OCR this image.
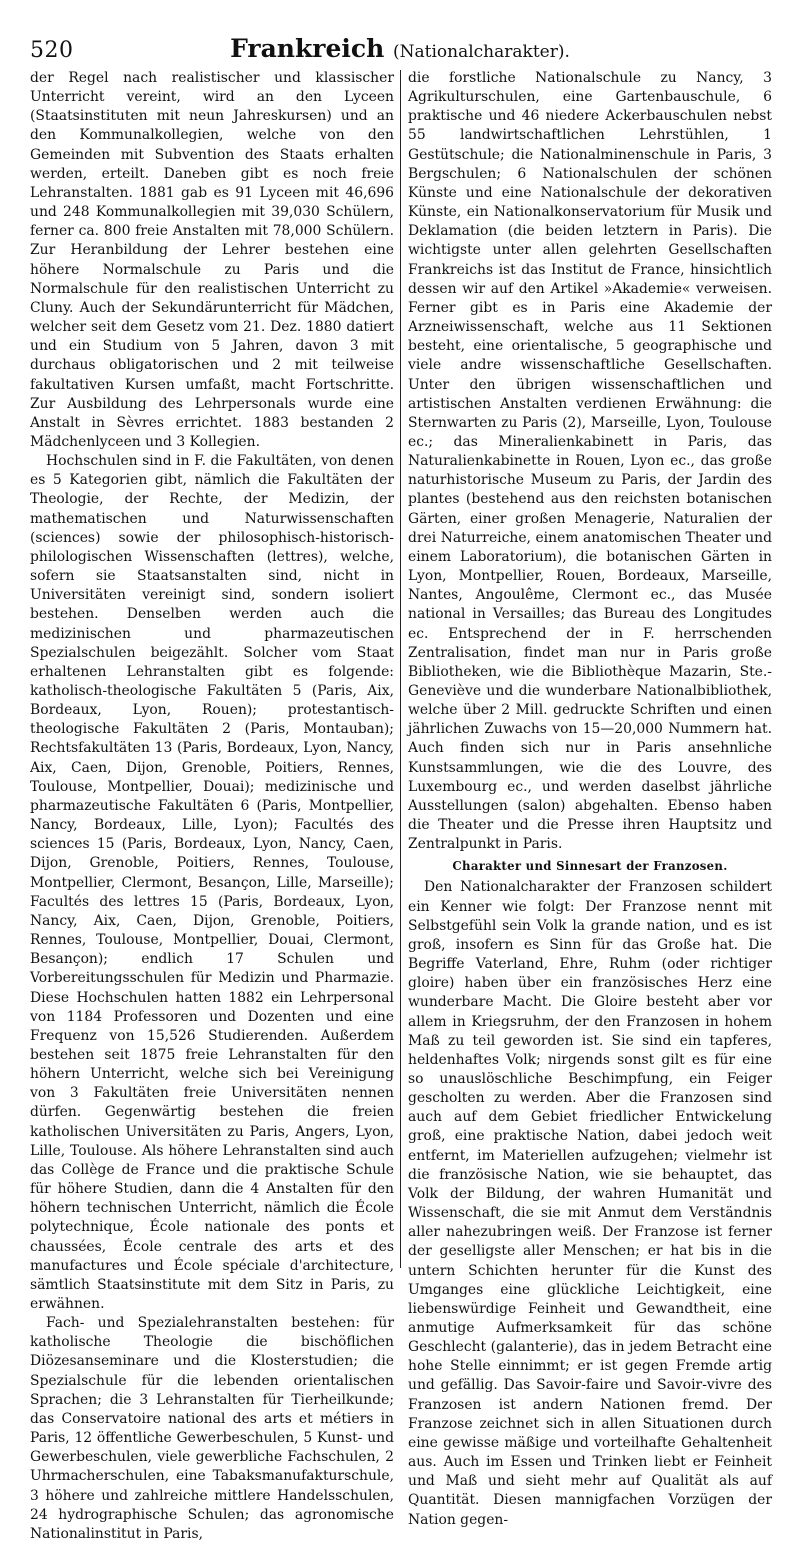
520	Frankreich (Nationalcharakter).

der Regel nach realistischer und klassischer Unterricht vereint, wird an den Lyceen (Staatsinstituten mit neun Jahreskursen) und an den Kommunalkollegien, welche von den Gemeinden mit Subvention des Staats erhalten werden, erteilt. Daneben gibt es noch freie Lehranstalten. 1881 gab es 91 Lyceen mit 46,696 und 248 Kommunalkollegien mit 39,030 Schülern, ferner ca. 800 freie Anstalten mit 78,000 Schülern. Zur Heranbildung der Lehrer bestehen eine höhere Normalschule zu Paris und die Normalschule für den realistischen Unterricht zu Cluny. Auch der Sekundärunterricht für Mädchen, welcher seit dem Gesetz vom 21. Dez. 1880 datiert und ein Studium von 5 Jahren, davon 3 mit durchaus obligatorischen und 2 mit teilweise fakultativen Kursen umfaßt, macht Fortschritte. Zur Ausbildung des Lehrpersonals wurde eine Anstalt in Sèvres errichtet. 1883 bestanden 2 Mädchenlyceen und 3 Kollegien.

Hochschulen sind in F. die Fakultäten, von denen es 5 Kategorien gibt, nämlich die Fakultäten der Theologie, der Rechte, der Medizin, der mathematischen und Naturwissenschaften (sciences) sowie der philosophisch-historisch-philologischen Wissenschaften (lettres), welche, sofern sie Staatsanstalten sind, nicht in Universitäten vereinigt sind, sondern isoliert bestehen. Denselben werden auch die medizinischen und pharmazeutischen Spezialschulen beigezählt. Solcher vom Staat erhaltenen Lehranstalten gibt es folgende: katholisch-theologische Fakultäten 5 (Paris, Aix, Bordeaux, Lyon, Rouen); protestantisch-theologische Fakultäten 2 (Paris, Montauban); Rechtsfakultäten 13 (Paris, Bordeaux, Lyon, Nancy, Aix, Caen, Dijon, Grenoble, Poitiers, Rennes, Toulouse, Montpellier, Douai); medizinische und pharmazeutische Fakultäten 6 (Paris, Montpellier, Nancy, Bordeaux, Lille, Lyon); Facultés des sciences 15 (Paris, Bordeaux, Lyon, Nancy, Caen, Dijon, Grenoble, Poitiers, Rennes, Toulouse, Montpellier, Clermont, Besançon, Lille, Marseille); Facultés des lettres 15 (Paris, Bordeaux, Lyon, Nancy, Aix, Caen, Dijon, Grenoble, Poitiers, Rennes, Toulouse, Montpellier, Douai, Clermont, Besançon); endlich 17 Schulen und Vorbereitungsschulen für Medizin und Pharmazie. Diese Hochschulen hatten 1882 ein Lehrpersonal von 1184 Professoren und Dozenten und eine Frequenz von 15,526 Studierenden. Außerdem bestehen seit 1875 freie Lehranstalten für den höhern Unterricht, welche sich bei Vereinigung von 3 Fakultäten freie Universitäten nennen dürfen. Gegenwärtig bestehen die freien katholischen Universitäten zu Paris, Angers, Lyon, Lille, Toulouse. Als höhere Lehranstalten sind auch das Collège de France und die praktische Schule für höhere Studien, dann die 4 Anstalten für den höhern technischen Unterricht, nämlich die École polytechnique, École nationale des ponts et chaussées, École centrale des arts et des manufactures und École spéciale d'architecture, sämtlich Staatsinstitute mit dem Sitz in Paris, zu erwähnen.

Fach- und Spezialehranstalten bestehen: für katholische Theologie die bischöflichen Diözesanseminare und die Klosterstudien; die Spezialschule für die lebenden orientalischen Sprachen; die 3 Lehranstalten für Tierheilkunde; das Conservatoire national des arts et métiers in Paris, 12 öffentliche Gewerbeschulen, 5 Kunst- und Gewerbeschulen, viele gewerbliche Fachschulen, 2 Uhrmacherschulen, eine Tabaksmanufakturschule, 3 höhere und zahlreiche mittlere Handelsschulen, 24 hydrographische Schulen; das agronomische Nationalinstitut in Paris,

die forstliche Nationalschule zu Nancy, 3 Agrikulturschulen, eine Gartenbauschule, 6 praktische und 46 niedere Ackerbauschulen nebst 55 landwirtschaftlichen Lehrstühlen, 1 Gestütschule; die Nationalminenschule in Paris, 3 Bergschulen; 6 Nationalschulen der schönen Künste und eine Nationalschule der dekorativen Künste, ein Nationalkonservatorium für Musik und Deklamation (die beiden letztern in Paris). Die wichtigste unter allen gelehrten Gesellschaften Frankreichs ist das Institut de France, hinsichtlich dessen wir auf den Artikel »Akademie« verweisen. Ferner gibt es in Paris eine Akademie der Arzneiwissenschaft, welche aus 11 Sektionen besteht, eine orientalische, 5 geographische und viele andre wissenschaftliche Gesellschaften. Unter den übrigen wissenschaftlichen und artistischen Anstalten verdienen Erwähnung: die Sternwarten zu Paris (2), Marseille, Lyon, Toulouse ec.; das Mineralienkabinett in Paris, das Naturalienkabinette in Rouen, Lyon ec., das große naturhistorische Museum zu Paris, der Jardin des plantes (bestehend aus den reichsten botanischen Gärten, einer großen Menagerie, Naturalien der drei Naturreiche, einem anatomischen Theater und einem Laboratorium), die botanischen Gärten in Lyon, Montpellier, Rouen, Bordeaux, Marseille, Nantes, Angoulême, Clermont ec., das Musée national in Versailles; das Bureau des Longitudes ec. Entsprechend der in F. herrschenden Zentralisation, findet man nur in Paris große Bibliotheken, wie die Bibliothèque Mazarin, Ste.-Geneviève und die wunderbare Nationalbibliothek, welche über 2 Mill. gedruckte Schriften und einen jährlichen Zuwachs von 15—20,000 Nummern hat. Auch finden sich nur in Paris ansehnliche Kunstsammlungen, wie die des Louvre, des Luxembourg ec., und werden daselbst jährliche Ausstellungen (salon) abgehalten. Ebenso haben die Theater und die Presse ihren Hauptsitz und Zentralpunkt in Paris.

Charakter und Sinnesart der Franzosen.

Den Nationalcharakter der Franzosen schildert ein Kenner wie folgt: Der Franzose nennt mit Selbstgefühl sein Volk la grande nation, und es ist groß, insofern es Sinn für das Große hat. Die Begriffe Vaterland, Ehre, Ruhm (oder richtiger gloire) haben über ein französisches Herz eine wunderbare Macht. Die Gloire besteht aber vor allem in Kriegsruhm, der den Franzosen in hohem Maß zu teil geworden ist. Sie sind ein tapferes, heldenhaftes Volk; nirgends sonst gilt es für eine so unauslöschliche Beschimpfung, ein Feiger gescholten zu werden. Aber die Franzosen sind auch auf dem Gebiet friedlicher Entwickelung groß, eine praktische Nation, dabei jedoch weit entfernt, im Materiellen aufzugehen; vielmehr ist die französische Nation, wie sie behauptet, das Volk der Bildung, der wahren Humanität und Wissenschaft, die sie mit Anmut dem Verständnis aller nahezubringen weiß. Der Franzose ist ferner der geselligste aller Menschen; er hat bis in die untern Schichten herunter für die Kunst des Umganges eine glückliche Leichtigkeit, eine liebenswürdige Feinheit und Gewandtheit, eine anmutige Aufmerksamkeit für das schöne Geschlecht (galanterie), das in jedem Betracht eine hohe Stelle einnimmt; er ist gegen Fremde artig und gefällig. Das Savoir-faire und Savoir-vivre des Franzosen ist andern Nationen fremd. Der Franzose zeichnet sich in allen Situationen durch eine gewisse mäßige und vorteilhafte Gehaltenheit aus. Auch im Essen und Trinken liebt er Feinheit und Maß und sieht mehr auf Qualität als auf Quantität. Diesen mannigfachen Vorzügen der Nation gegen-
